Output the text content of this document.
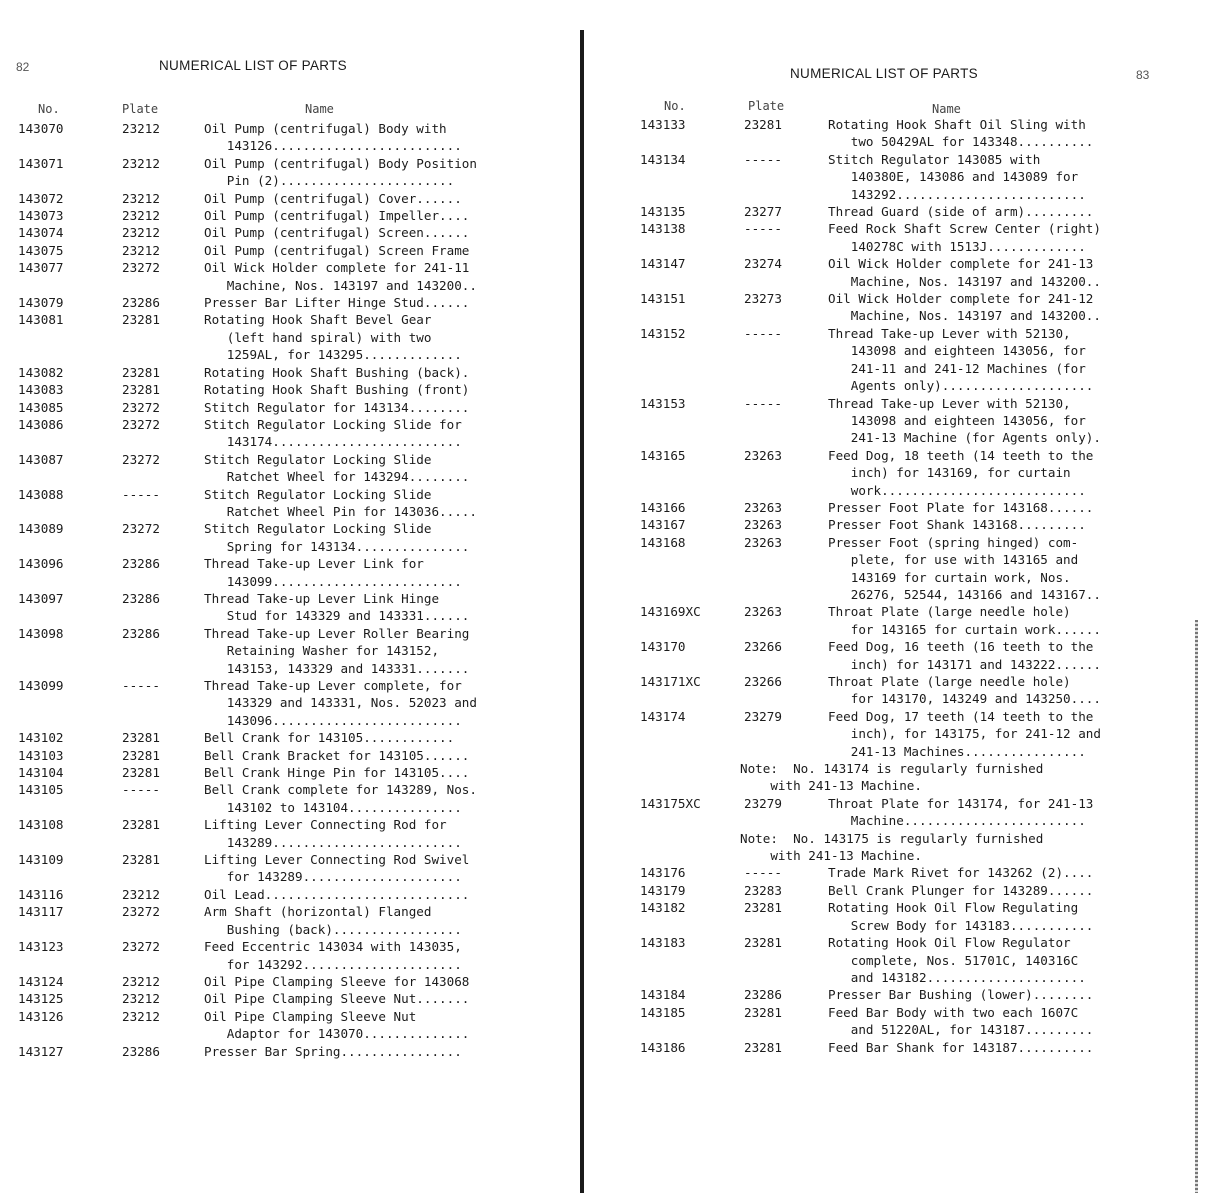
82	NUMERICAL LIST OF PARTS
No.	Plate	Name
143070	23212	Oil Pump (centrifugal) Body with
143126.........................
143071	23212	Oil Pump (centrifugal) Body Position
Pin (2).......................
143072	23212	Oil Pump (centrifugal) Cover......
143073	23212	Oil Pump (centrifugal) Impeller....
143074	23212	Oil Pump (centrifugal) Screen......
143075	23212	Oil Pump (centrifugal) Screen Frame
143077	23272	Oil Wick Holder complete for 241-11
Machine, Nos. 143197 and 143200..
143079	23286	Presser Bar Lifter Hinge Stud......
143081	23281	Rotating Hook Shaft Bevel Gear
(left hand spiral) with two
1259AL, for 143295.............
143082	23281	Rotating Hook Shaft Bushing (back).
143083	23281	Rotating Hook Shaft Bushing (front)
143085	23272	Stitch Regulator for 143134........
143086	23272	Stitch Regulator Locking Slide for
143174.........................
143087	23272	Stitch Regulator Locking Slide
Ratchet Wheel for 143294........
143088	-----	Stitch Regulator Locking Slide
Ratchet Wheel Pin for 143036.....
143089	23272	Stitch Regulator Locking Slide
Spring for 143134...............
143096	23286	Thread Take-up Lever Link for
143099.........................
143097	23286	Thread Take-up Lever Link Hinge
Stud for 143329 and 143331......
143098	23286	Thread Take-up Lever Roller Bearing
Retaining Washer for 143152,
143153, 143329 and 143331.......
143099	-----	Thread Take-up Lever complete, for
143329 and 143331, Nos. 52023 and
143096.........................
143102	23281	Bell Crank for 143105............
143103	23281	Bell Crank Bracket for 143105......
143104	23281	Bell Crank Hinge Pin for 143105....
143105	-----	Bell Crank complete for 143289, Nos.
143102 to 143104...............
143108	23281	Lifting Lever Connecting Rod for
143289.........................
143109	23281	Lifting Lever Connecting Rod Swivel
for 143289.....................
143116	23212	Oil Lead...........................
143117	23272	Arm Shaft (horizontal) Flanged
Bushing (back).................
143123	23272	Feed Eccentric 143034 with 143035,
for 143292.....................
143124	23212	Oil Pipe Clamping Sleeve for 143068
143125	23212	Oil Pipe Clamping Sleeve Nut.......
143126	23212	Oil Pipe Clamping Sleeve Nut
Adaptor for 143070..............
143127	23286	Presser Bar Spring................
NUMERICAL LIST OF PARTS	83
No.	Plate	Name
143133	23281	Rotating Hook Shaft Oil Sling with
two 50429AL for 143348..........
143134	-----	Stitch Regulator 143085 with
140380E, 143086 and 143089 for
143292.........................
143135	23277	Thread Guard (side of arm).........
143138	-----	Feed Rock Shaft Screw Center (right)
140278C with 1513J.............
143147	23274	Oil Wick Holder complete for 241-13
Machine, Nos. 143197 and 143200..
143151	23273	Oil Wick Holder complete for 241-12
Machine, Nos. 143197 and 143200..
143152	-----	Thread Take-up Lever with 52130,
143098 and eighteen 143056, for
241-11 and 241-12 Machines (for
Agents only)....................
143153	-----	Thread Take-up Lever with 52130,
143098 and eighteen 143056, for
241-13 Machine (for Agents only).
143165	23263	Feed Dog, 18 teeth (14 teeth to the
inch) for 143169, for curtain
work...........................
143166	23263	Presser Foot Plate for 143168......
143167	23263	Presser Foot Shank 143168.........
143168	23263	Presser Foot (spring hinged) com-
plete, for use with 143165 and
143169 for curtain work, Nos.
26276, 52544, 143166 and 143167..
143169XC	23263	Throat Plate (large needle hole)
for 143165 for curtain work......
143170	23266	Feed Dog, 16 teeth (16 teeth to the
inch) for 143171 and 143222......
143171XC	23266	Throat Plate (large needle hole)
for 143170, 143249 and 143250....
143174	23279	Feed Dog, 17 teeth (14 teeth to the
inch), for 143175, for 241-12 and
241-13 Machines................
Note:  No. 143174 is regularly furnished
with 241-13 Machine.
143175XC	23279	Throat Plate for 143174, for 241-13
Machine........................
Note:  No. 143175 is regularly furnished
with 241-13 Machine.
143176	-----	Trade Mark Rivet for 143262 (2)....
143179	23283	Bell Crank Plunger for 143289......
143182	23281	Rotating Hook Oil Flow Regulating
Screw Body for 143183...........
143183	23281	Rotating Hook Oil Flow Regulator
complete, Nos. 51701C, 140316C
and 143182.....................
143184	23286	Presser Bar Bushing (lower)........
143185	23281	Feed Bar Body with two each 1607C
and 51220AL, for 143187.........
143186	23281	Feed Bar Shank for 143187..........
